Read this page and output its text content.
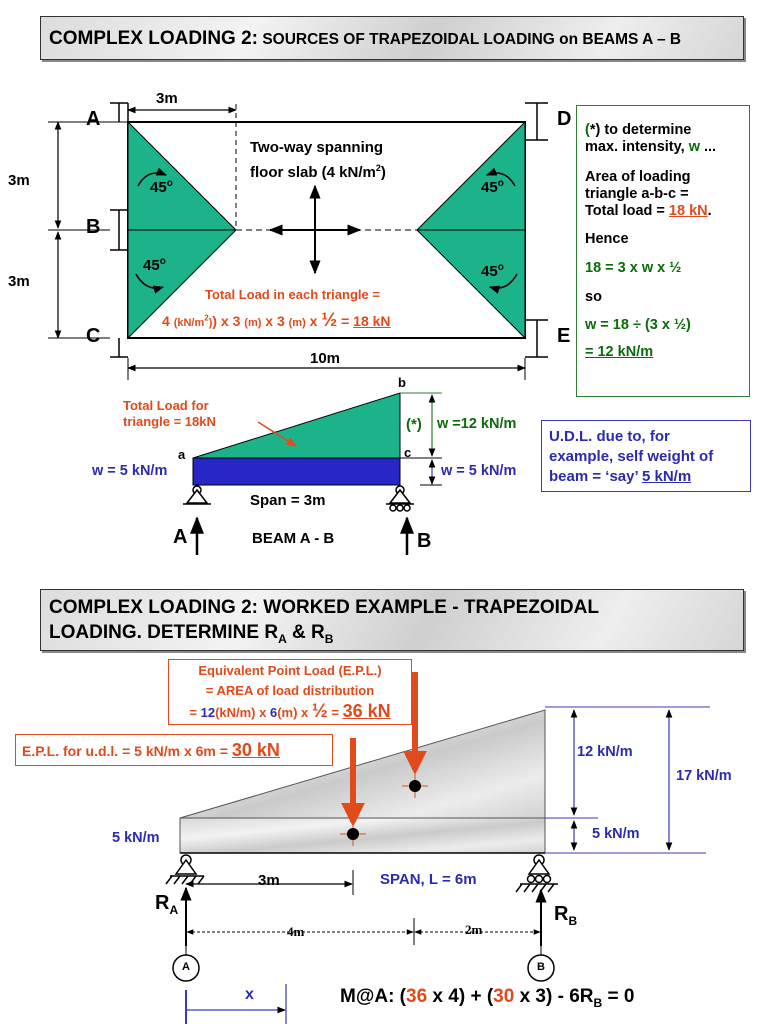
COMPLEX LOADING 2: SOURCES OF TRAPEZOIDAL LOADING on BEAMS A – B
A
B
C
D
E
3m
3m
3m
10m
45$^o$
45$^o$
45$^o$
45$^o$
Two-way spanning
floor slab (4 $kN/m^2$)
Total Load in each triangle =
4 $(kN/m^2)$) x 3 (m) x 3 (m) x ½ = 18 kN
(*) to determine
max. intensity, w ...
Area of loading
triangle a-b-c =
Total load = 18 kN.
Hence
18 = 3 x w x ½
so
w = 18 ÷ (3 x ½)
= 12 kN/m
Total Load for
triangle = 18kN
a
b
c
w = 5 kN/m
(*) w =12 kN/m
w = 5 kN/m
Span = 3m
A	B
BEAM A - B
U.D.L. due to, for
example, self weight of
beam = ‘say’ 5 kN/m
COMPLEX LOADING 2: WORKED EXAMPLE - TRAPEZOIDAL
LOADING. DETERMINE $R_A$ & $R_B$
Equivalent Point Load (E.P.L.)
= AREA of load distribution
= 12(kN/m) x 6(m) x ½ = 36 kN
E.P.L. for u.d.l. = 5 kN/m x 6m = 30 kN	12 kN/m
17 kN/m
5 kN/m
5 kN/m
3m	SPAN, L = 6m
$R_A$	$R_B$
4m	2m
A	B
x	M@A: (36 x 4) + (30 x $3) - 6R_B = 0$
